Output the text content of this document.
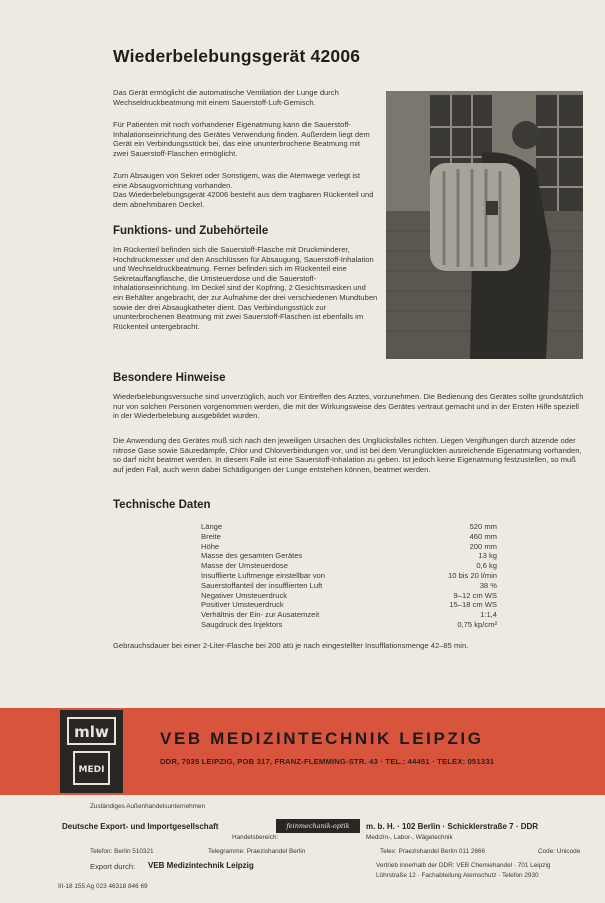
Wiederbelebungsgerät 42006

Das Gerät ermöglicht die automatische Ventilation der Lunge durch Wechseldruckbeatmung mit einem Sauerstoff-Luft-Gemisch.

Für Patienten mit noch vorhandener Eigenatmung kann die Sauerstoff-Inhalationseinrichtung des Gerätes Verwendung finden. Außerdem liegt dem Gerät ein Verbindungsstück bei, das eine ununterbrochene Beatmung mit zwei Sauerstoff-Flaschen ermöglicht.

Zum Absaugen von Sekret oder Sonstigem, was die Atemwege verlegt ist eine Absaugvorrichtung vorhanden.

Das Wiederbelebungsgerät 42006 besteht aus dem tragbaren Rückenteil und dem abnehmbaren Deckel.

Funktions- und Zubehörteile

Im Rückenteil befinden sich die Sauerstoff-Flasche mit Druckminderer, Hochdruckmesser und den Anschlüssen für Absaugung, Sauerstoff-Inhalation und Wechseldruckbeatmung. Ferner befinden sich im Rückenteil eine Sekretauffangflasche, die Umsteuerdose und die Sauerstoff-Inhalationseinrichtung. Im Deckel sind der Kopfring, 2 Gesichtsmasken und ein Behälter angebracht, der zur Aufnahme der drei verschiedenen Mundtuben sowie der drei Absaugkatheter dient. Das Verbindungsstück zur ununterbrochenen Beatmung mit zwei Sauerstoff-Flaschen ist ebenfalls im Rückenteil untergebracht.

Besondere Hinweise

Wiederbelebungsversuche sind unverzüglich, auch vor Eintreffen des Arztes, vorzunehmen. Die Bedienung des Gerätes sollte grundsätzlich nur von solchen Personen vorgenommen werden, die mit der Wirkungsweise des Gerätes vertraut gemacht und in der Ersten Hilfe speziell in der Wiederbelebung ausgebildet wurden.

Die Anwendung des Gerätes muß sich nach den jeweiligen Ursachen des Unglücksfalles richten. Liegen Vergiftungen durch ätzende oder nitrose Gase sowie Säuredämpfe, Chlor und Chlorverbindungen vor, und ist bei dem Verunglückten ausreichende Eigenatmung vorhanden, so darf nicht beatmet werden. In diesem Falle ist eine Sauerstoff-Inhalation zu geben. Ist jedoch keine Eigenatmung festzustellen, so muß auf jeden Fall, auch wenn dabei Schädigungen der Lunge entstehen können, beatmet werden.

Technische Daten
Länge	520 mm
Breite	460 mm
Höhe	200 mm
Masse des gesamten Gerätes	13 kg
Masse der Umsteuerdose	0,6 kg
Insufflierte Luftmenge einstellbar von	10 bis 20 l/min
Sauerstoffanteil der insufflierten Luft	38 %
Negativer Umsteuerdruck	9–12 cm WS
Positiver Umsteuerdruck	15–18 cm WS
Verhältnis der Ein- zur Ausatemzeit	1:1,4
Saugdruck des Injektors	0,75 kp/cm²

Gebrauchsdauer bei einer 2-Liter-Flasche bei 200 atü je nach eingestellter Insufflationsmenge 42–85 min.

mlw
MEDI

VEB MEDIZINTECHNIK LEIPZIG

DDR, 7035 LEIPZIG, POB 317, FRANZ-FLEMMING-STR. 43 · TEL.: 44451 · TELEX: 051331

Zuständiges Außenhandelsunternehmen

Deutsche Export- und Importgesellschaft	feinmechanik-optik	m. b. H. · 102 Berlin · Schicklerstraße 7 · DDR

Handelsbereich:	Medizin-, Labor-, Wägetechnik

Telefon: Berlin 510321	Telegramme: Praezishandel Berlin	Telex: Praezishandel Berlin 011 2666	Code: Unicode

Export durch: VEB Medizintechnik Leipzig	Vertrieb innerhalb der DDR: VEB Chemiehandel · 701 Leipzig

Löhrstraße 12 · Fachabteilung Atemschutz · Telefon 2930

III-18 155 Ag 023 46318 846 69
